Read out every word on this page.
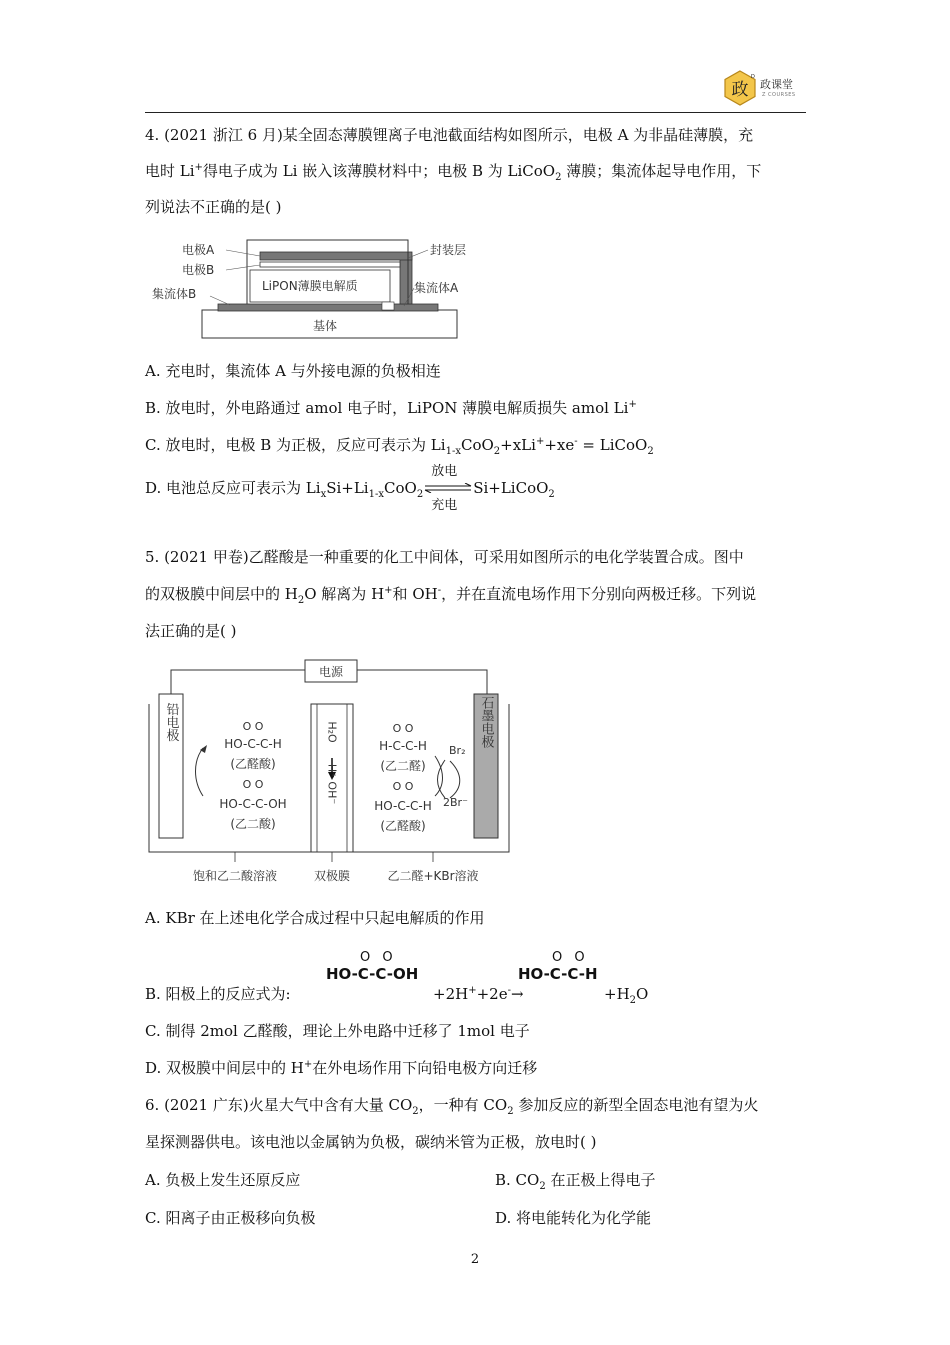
政
D
政课堂
Z COURSES
4. (2021 浙江 6 月)某全固态薄膜锂离子电池截面结构如图所示，电极 A 为非晶硅薄膜，充
电时 Li+得电子成为 Li 嵌入该薄膜材料中；电极 B 为 LiCoO$_2$ 薄膜；集流体起导电作用，下
列说法不正确的是( )
基体
LiPON薄膜电解质
电极A
电极B
集流体B
封装层
集流体A
A. 充电时，集流体 A 与外接电源的负极相连
B. 放电时，外电路通过 amol 电子时，LiPON 薄膜电解质损失 amol Li+
C. 放电时，电极 B 为正极，反应可表示为 $Li_{1-x}CoO_2+xLi^++xe^-$ = LiCoO$_2$
D. 电池总反应可表示为 $Li_xSi+Li_{1-x}CoO_2$
放电
充电
Si+LiCoO$_2$
5. (2021 甲卷)乙醛酸是一种重要的化工中间体，可采用如图所示的电化学装置合成。图中
的双极膜中间层中的 $H_2O$ 解离为 H+和 OH-，并在直流电场作用下分别向两极迁移。下列说
法正确的是( )
电源
铅电极	石墨电极
H₂O
H⁺ OH⁻
O O
HO-C-C-H
(乙醛酸)
O O
HO-C-C-OH
(乙二酸)
O O
H-C-C-H
(乙二醛)
O O
HO-C-C-H
(乙醛酸)
Br₂
2Br⁻
饱和乙二酸溶液	双极膜	乙二醛+KBr溶液
A. KBr 在上述电化学合成过程中只起电解质的作用
B. 阳极上的反应式为:
O O
HO-C-C-OH
+2H++2e-→
O O
HO-C-C-H
$+H_2O$
C. 制得 2mol 乙醛酸，理论上外电路中迁移了 1mol 电子
D. 双极膜中间层中的 H+在外电场作用下向铅电极方向迁移
6. (2021 广东)火星大气中含有大量 $CO_2$，一种有 $CO_2$ 参加反应的新型全固态电池有望为火
星探测器供电。该电池以金属钠为负极，碳纳米管为正极，放电时( )
A. 负极上发生还原反应	B. $CO_2$ 在正极上得电子
C. 阳离子由正极移向负极	D. 将电能转化为化学能
2
